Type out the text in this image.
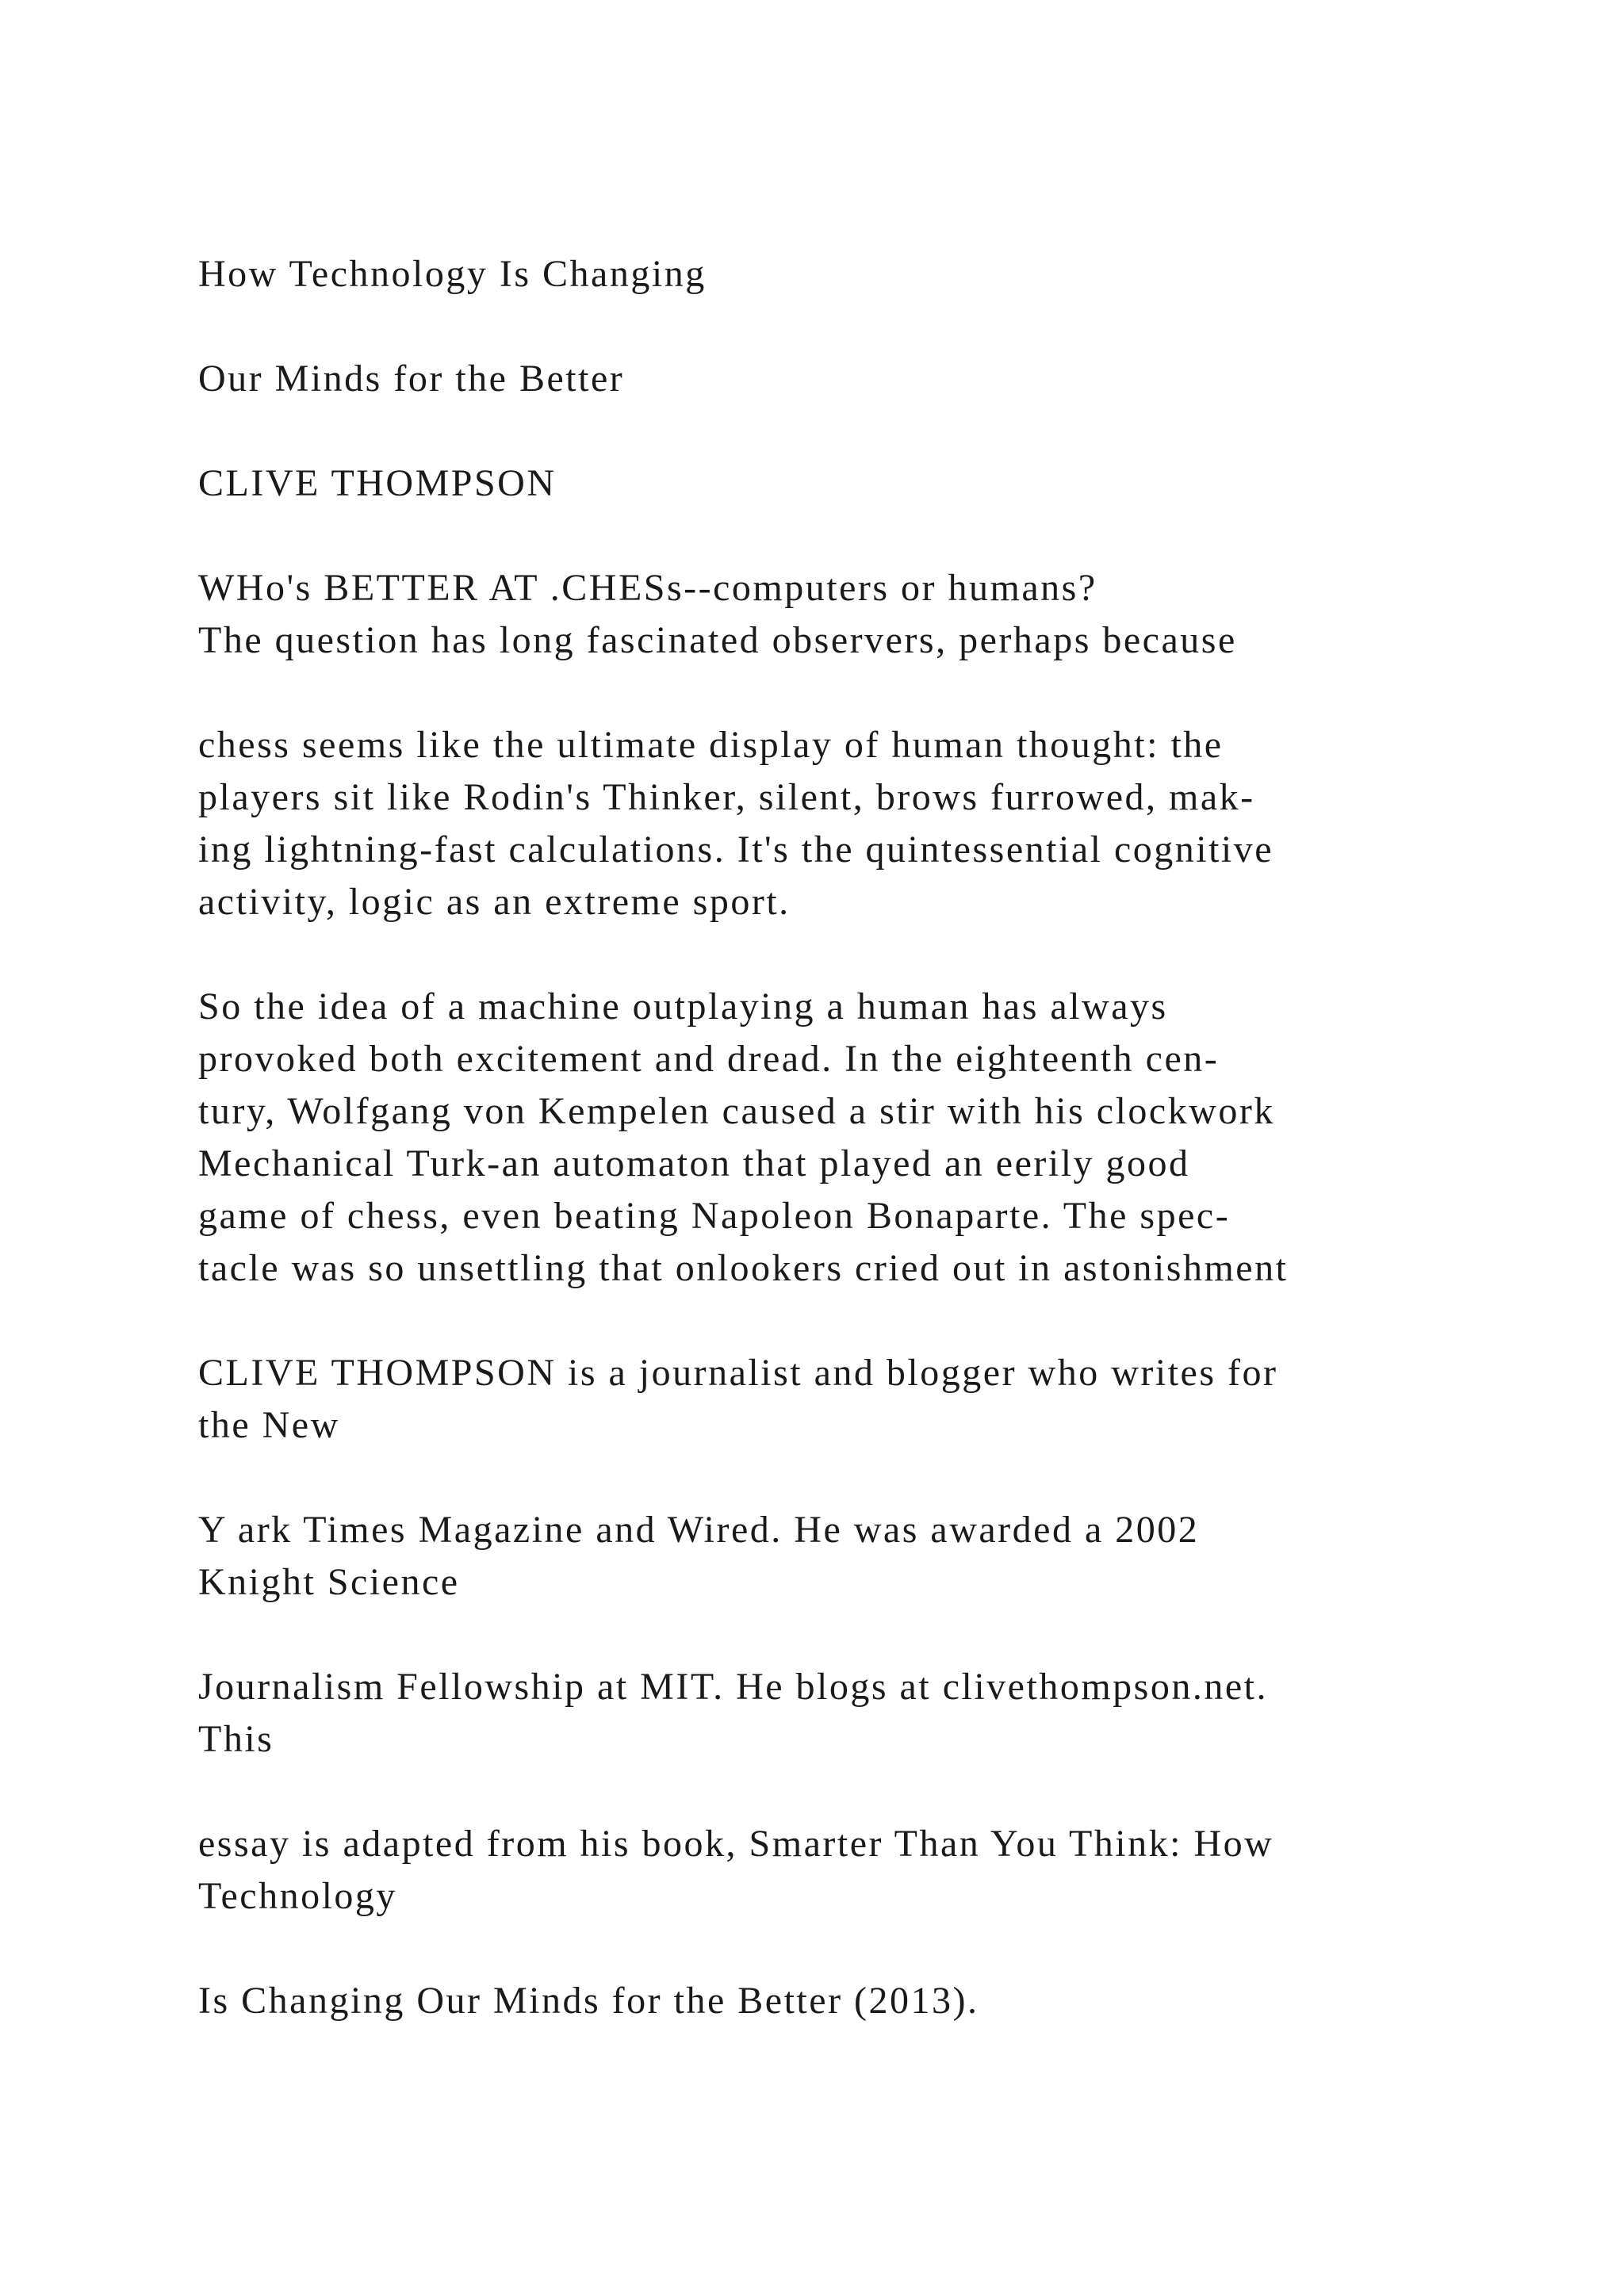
How Technology Is Changing

Our Minds for the Better

CLIVE THOMPSON

WHo's BETTER AT .CHESs--computers or humans?
The question has long fascinated observers, perhaps because
chess seems like the ultimate display of human thought: the
players sit like Rodin's Thinker, silent, brows furrowed, mak-
ing lightning-fast calculations. It's the quintessential cognitive
activity, logic as an extreme sport.
So the idea of a machine outplaying a human has always
provoked both excitement and dread. In the eighteenth cen-
tury, Wolfgang von Kempelen caused a stir with his clockwork
Mechanical Turk-an automaton that played an eerily good
game of chess, even beating Napoleon Bonaparte. The spec-
tacle was so unsettling that onlookers cried out in astonishment
CLIVE THOMPSON is a journalist and blogger who writes for
the New
Y ark Times Magazine and Wired. He was awarded a 2002
Knight Science
Journalism Fellowship at MIT. He blogs at clivethompson.net.
This
essay is adapted from his book, Smarter Than You Think: How
Technology

Is Changing Our Minds for the Better (2013).
